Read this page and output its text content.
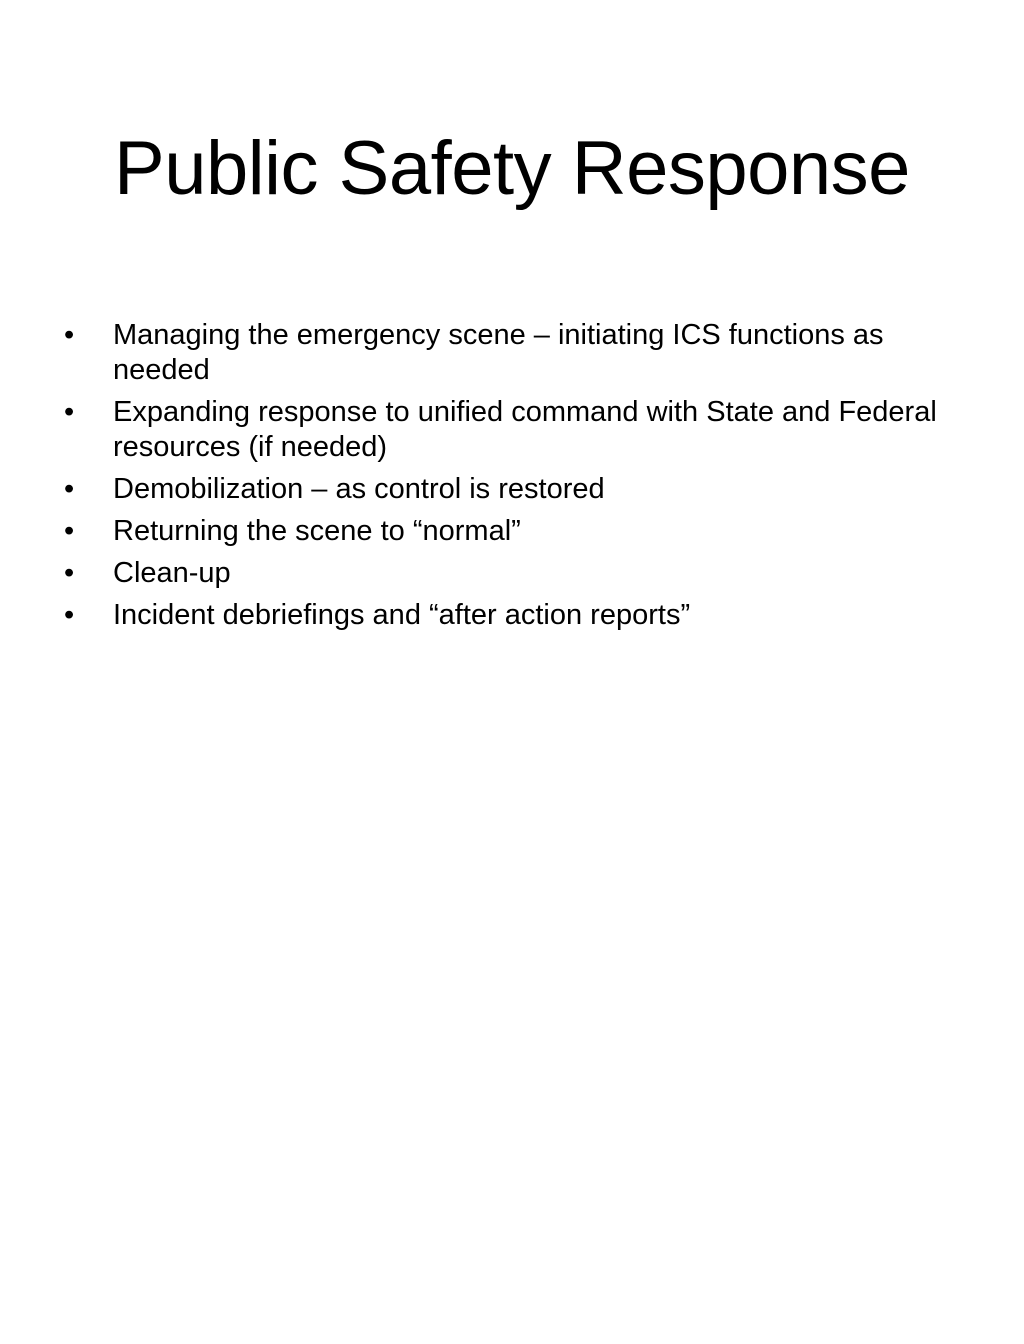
Public Safety Response
•	Managing the emergency scene – initiating ICS functions as needed
•	Expanding response to unified command with State and Federal resources (if needed)
•	Demobilization – as control is restored
•	Returning the scene to “normal”
•	Clean-up
•	Incident debriefings and “after action reports”
